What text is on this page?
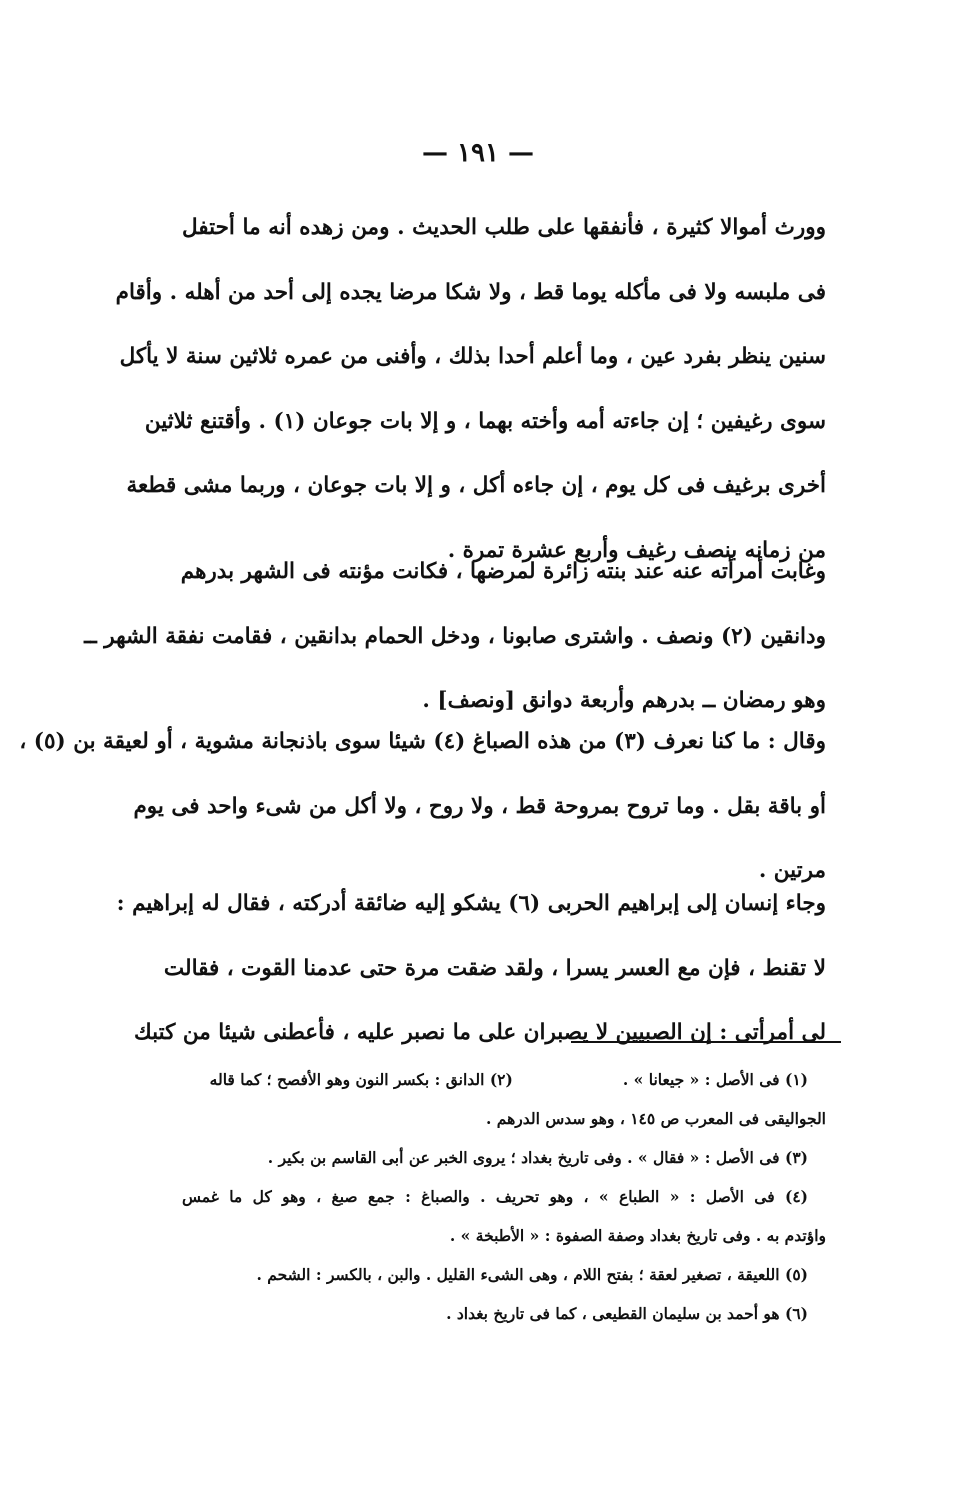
— ١٩١ —
وورث أموالا كثيرة ، فأنفقها على طلب الحديث . ومن زهده أنه ما أحتفل
فى ملبسه ولا فى مأكله يوما قط ، ولا شكا مرضا يجده إلى أحد من أهله . وأقام
سنين ينظر بفرد عين ، وما أعلم أحدا بذلك ، وأفنى من عمره ثلاثين سنة لا يأكل
سوى رغيفين ؛ إن جاءته أمه وأخته بهما ، و إلا بات جوعان (١) . وأقتنع ثلاثين
أخرى برغيف فى كل يوم ، إن جاءه أكل ، و إلا بات جوعان ، وربما مشى قطعة
من زمانه بنصف رغيف وأربع عشرة تمرة .
وغابت أمرأته عنه عند بنته زائرة لمرضها ، فكانت مؤنته فى الشهر بدرهم
ودانقين (٢) ونصف . واشترى صابونا ، ودخل الحمام بدانقين ، فقامت نفقة الشهر ــ
وهو رمضان ــ بدرهم وأربعة دوانق [ونصف] .
وقال : ما كنا نعرف (٣) من هذه الصباغ (٤) شيئا سوى باذنجانة مشوية ، أو لعيقة بن (٥) ،
أو باقة بقل . وما تروح بمروحة قط ، ولا روح ، ولا أكل من شىء واحد فى يوم
مرتين .
وجاء إنسان إلى إبراهيم الحربى (٦) يشكو إليه ضائقة أدركته ، فقال له إبراهيم :
لا تقنط ، فإن مع العسر يسرا ، ولقد ضقت مرة حتى عدمنا القوت ، فقالت
لى أمرأتى : إن الصبيين لا يصبران على ما نصبر عليه ، فأعطنى شيئا من كتبك
(١) فى الأصل : « جيعانا » .(٢) الدانق : بكسر النون وهو الأفصح ؛ كما قاله
الجواليقى فى المعرب ص ١٤٥ ، وهو سدس الدرهم .
(٣) فى الأصل : « فقال » . وفى تاريخ بغداد ؛ يروى الخبر عن أبى القاسم بن بكير .
(٤) فى الأصل : « الطباع » ، وهو تحريف . والصباغ : جمع صبغ ، وهو كل ما غمس
واؤتدم به . وفى تاريخ بغداد وصفة الصفوة : « الأطبخة » .
(٥) اللعيقة ، تصغير لعقة ؛ بفتح اللام ، وهى الشىء القليل . والبن ، بالكسر : الشحم .
(٦) هو أحمد بن سليمان القطيعى ، كما فى تاريخ بغداد .
